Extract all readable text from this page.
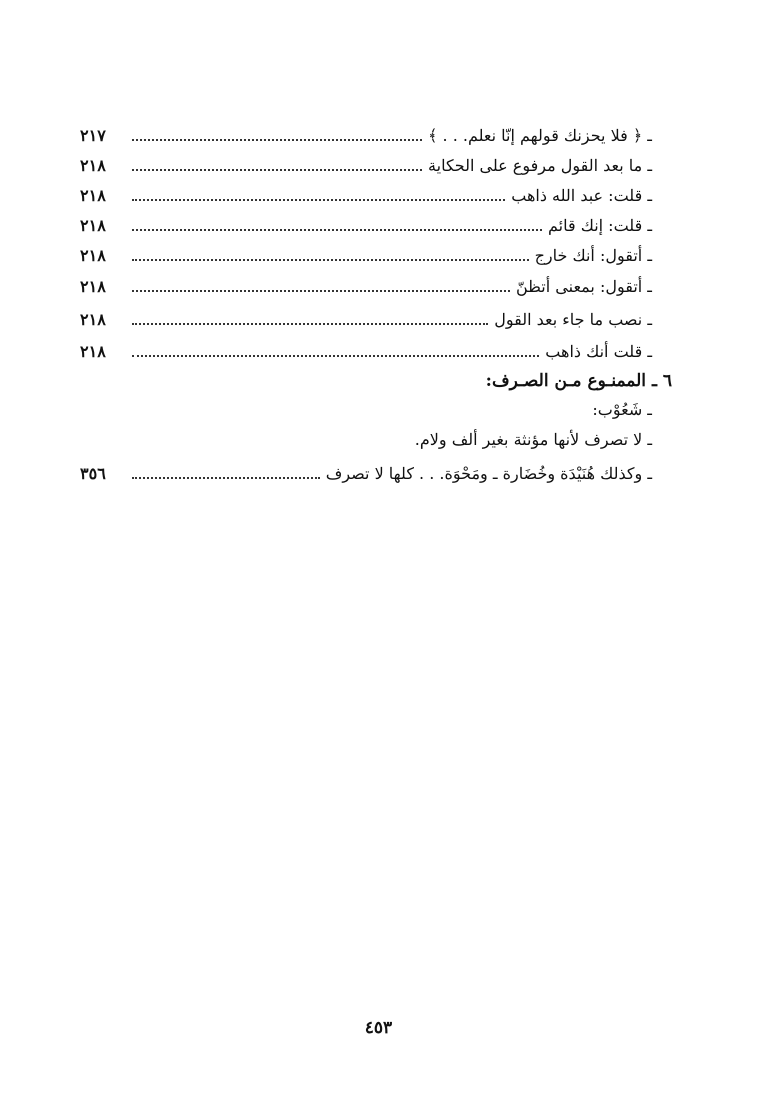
ـ ﴿ فلا يحزنك قولهم إنّا نعلم. . . ﴾
٢١٧
ـ ما بعد القول مرفوع على الحكاية
٢١٨
ـ قلت: عبد الله ذاهب
٢١٨
ـ قلت: إنك قائم
٢١٨
ـ أتقول: أنك خارج
٢١٨
ـ أتقول: بمعنى أتظنّ
٢١٨
ـ نصب ما جاء بعد القول
٢١٨
ـ قلت أنك ذاهب
٢١٨
٦ ـ الممنـوع مـن الصـرف:
ـ شَعُوْب:
ـ لا تصرف لأنها مؤنثة بغير ألف ولام.
ـ وكذلك هُنَيْدَة وخُضَارة ـ ومَحْوَة. . . كلها لا تصرف
٣٥٦
٤٥٣
